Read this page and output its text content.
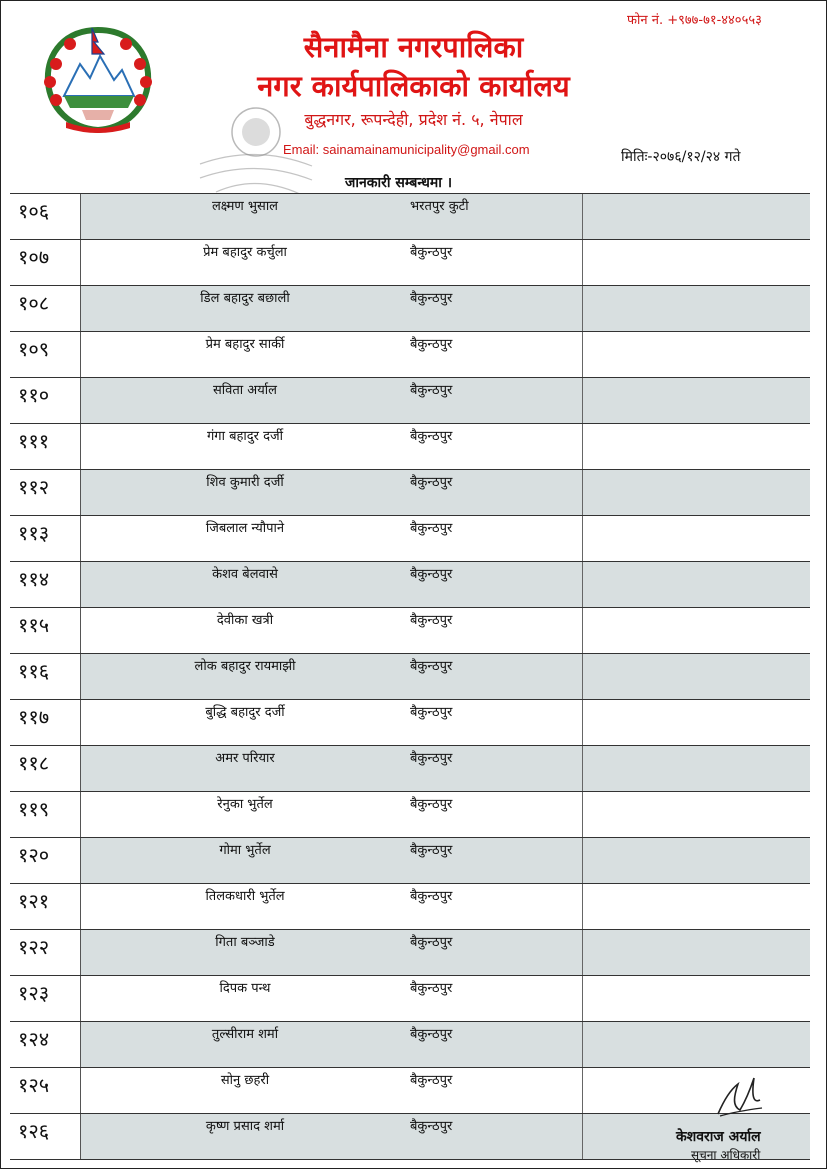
फोन नं. +९७७-७१-४४०५५३
सैनामैना नगरपालिका
नगर कार्यपालिकाको कार्यालय
बुद्धनगर, रूपन्देही, प्रदेश नं. ५, नेपाल
Email: sainamainamunicipality@gmail.com	मितिः-२०७६/१२/२४ गते
जानकारी सम्बन्धमा ।
१०६	लक्ष्मण भुसाल	भरतपुर कुटी
१०७	प्रेम बहादुर कर्चुला	बैकुन्ठपुर
१०८	डिल बहादुर बछाली	बैकुन्ठपुर
१०९	प्रेम बहादुर सार्की	बैकुन्ठपुर
११०	सविता अर्याल	बैकुन्ठपुर
१११	गंगा बहादुर दर्जी	बैकुन्ठपुर
११२	शिव कुमारी दर्जी	बैकुन्ठपुर
११३	जिबलाल न्यौपाने	बैकुन्ठपुर
११४	केशव बेलवासे	बैकुन्ठपुर
११५	देवीका खत्री	बैकुन्ठपुर
११६	लोक बहादुर रायमाझी	बैकुन्ठपुर
११७	बुद्धि बहादुर दर्जी	बैकुन्ठपुर
११८	अमर परियार	बैकुन्ठपुर
११९	रेनुका भुर्तेल	बैकुन्ठपुर
१२०	गोमा भुर्तेल	बैकुन्ठपुर
१२१	तिलकधारी भुर्तेल	बैकुन्ठपुर
१२२	गिता बञ्जाडे	बैकुन्ठपुर
१२३	दिपक पन्थ	बैकुन्ठपुर
१२४	तुल्सीराम शर्मा	बैकुन्ठपुर
१२५	सोनु छहरी	बैकुन्ठपुर
१२६	कृष्ण प्रसाद शर्मा	बैकुन्ठपुर
केशवराज अर्याल
सूचना अधिकारी
